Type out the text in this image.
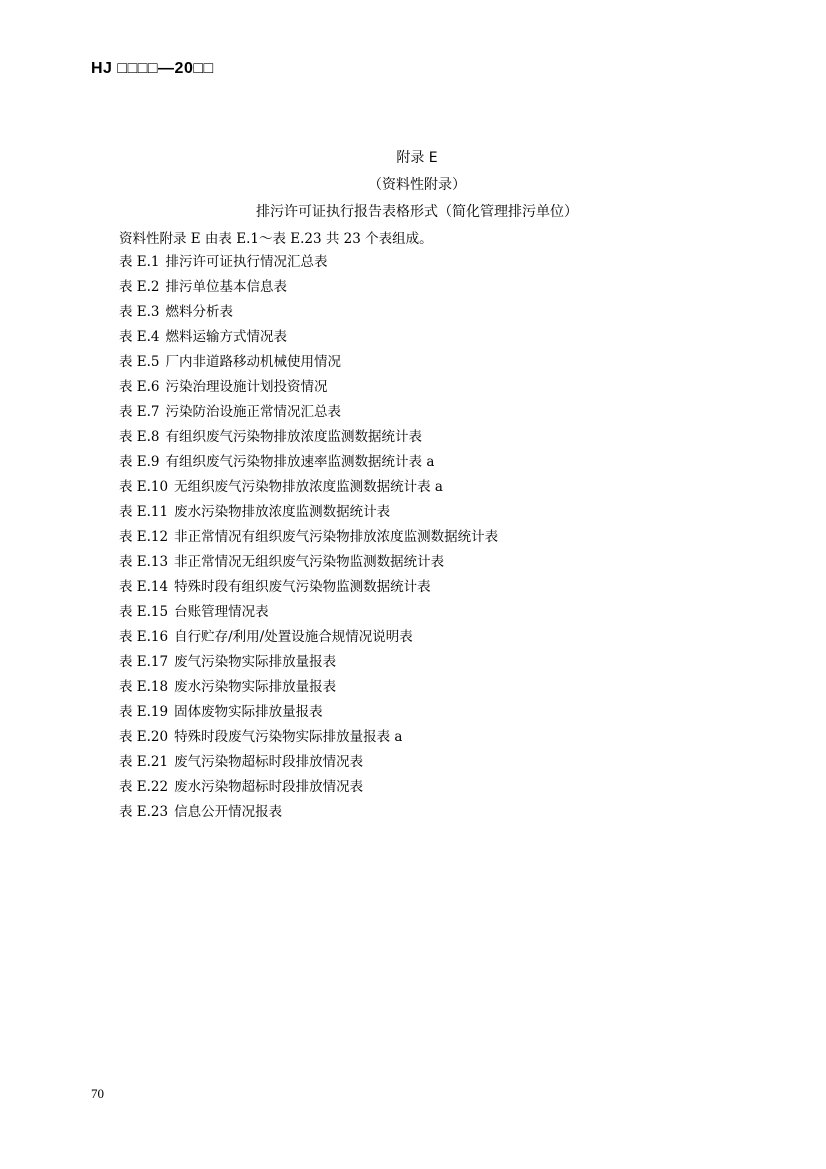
HJ □□□□—20□□
附录 E
（资料性附录）
排污许可证执行报告表格形式（简化管理排污单位）
资料性附录 E 由表 E.1～表 E.23 共 23 个表组成。
表 E.1 排污许可证执行情况汇总表
表 E.2 排污单位基本信息表
表 E.3 燃料分析表
表 E.4 燃料运输方式情况表
表 E.5 厂内非道路移动机械使用情况
表 E.6 污染治理设施计划投资情况
表 E.7 污染防治设施正常情况汇总表
表 E.8 有组织废气污染物排放浓度监测数据统计表
表 E.9 有组织废气污染物排放速率监测数据统计表 a
表 E.10 无组织废气污染物排放浓度监测数据统计表 a
表 E.11 废水污染物排放浓度监测数据统计表
表 E.12 非正常情况有组织废气污染物排放浓度监测数据统计表
表 E.13 非正常情况无组织废气污染物监测数据统计表
表 E.14 特殊时段有组织废气污染物监测数据统计表
表 E.15 台账管理情况表
表 E.16 自行贮存/利用/处置设施合规情况说明表
表 E.17 废气污染物实际排放量报表
表 E.18 废水污染物实际排放量报表
表 E.19 固体废物实际排放量报表
表 E.20 特殊时段废气污染物实际排放量报表 a
表 E.21 废气污染物超标时段排放情况表
表 E.22 废水污染物超标时段排放情况表
表 E.23 信息公开情况报表
70
